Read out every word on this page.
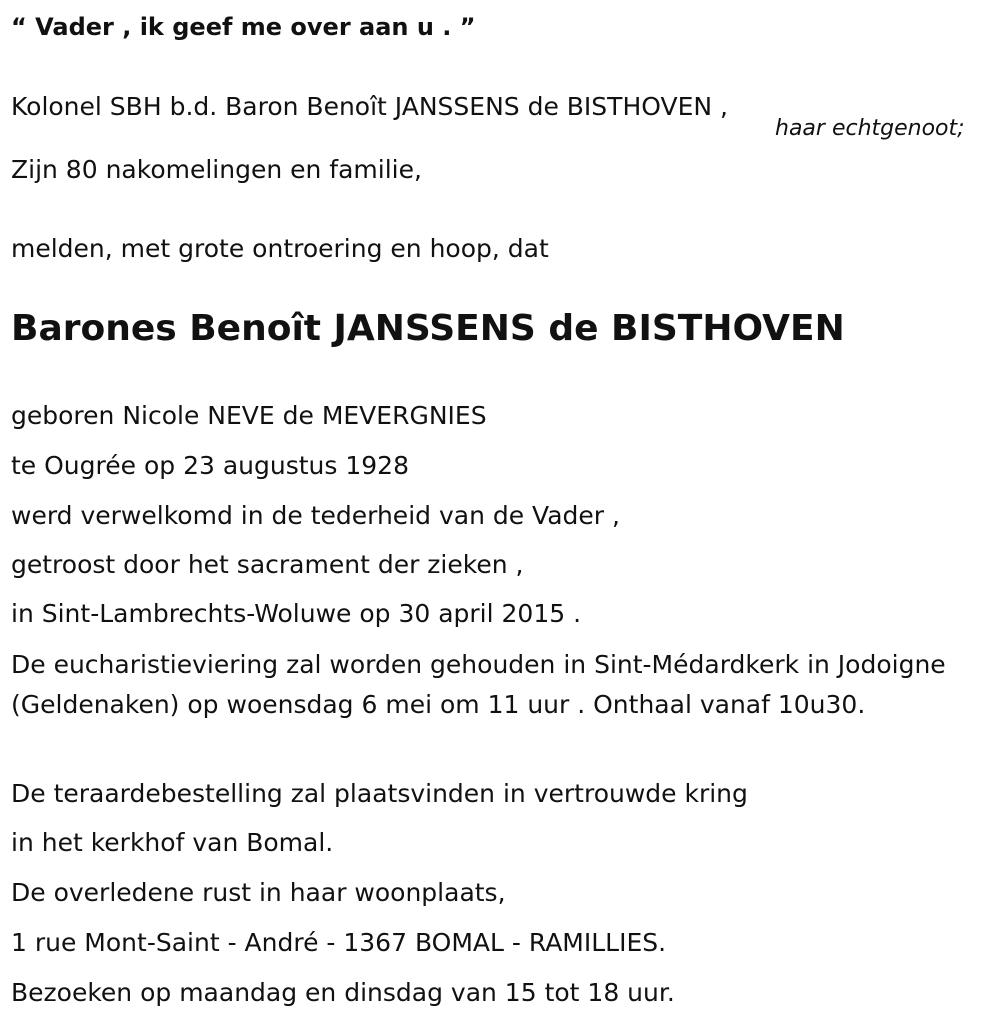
“ Vader , ik geef me over aan u . ”
Kolonel SBH b.d. Baron Benoît JANSSENS de BISTHOVEN ,
haar echtgenoot;
Zijn 80 nakomelingen en familie,
melden, met grote ontroering en hoop, dat
Barones Benoît JANSSENS de BISTHOVEN
geboren Nicole NEVE de MEVERGNIES
te Ougrée op 23 augustus 1928
werd verwelkomd in de tederheid van de Vader ,
getroost door het sacrament der zieken ,
in Sint-Lambrechts-Woluwe op 30 april 2015 .
De eucharistieviering zal worden gehouden in Sint-Médardkerk in Jodoigne (Geldenaken) op woensdag 6 mei om 11 uur . Onthaal vanaf 10u30.
De teraardebestelling zal plaatsvinden in vertrouwde kring
in het kerkhof van Bomal.
De overledene rust in haar woonplaats,
1 rue Mont-Saint - André - 1367 BOMAL - RAMILLIES.
Bezoeken op maandag en dinsdag van 15 tot 18 uur.
